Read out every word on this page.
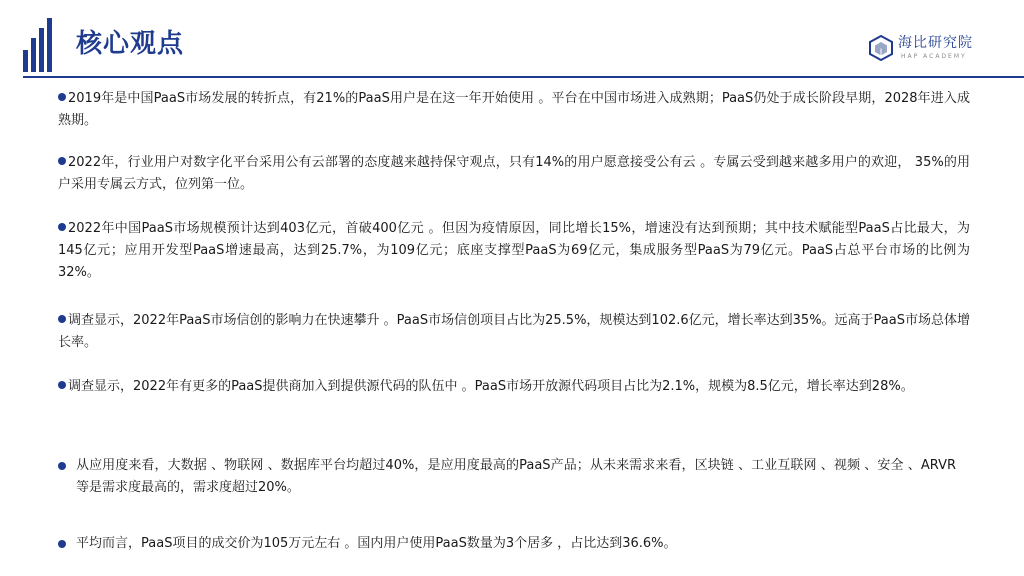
核心观点	海比研究院
HAP ACADEMY
2019年是中国PaaS市场发展的转折点，有21%的PaaS用户是在这一年开始使用 。平台在中国市场进入成熟期；PaaS仍处于成长阶段早期，2028年进入成熟期。
2022年，行业用户对数字化平台采用公有云部署的态度越来越持保守观点，只有14%的用户愿意接受公有云 。专属云受到越来越多用户的欢迎， 35%的用户采用专属云方式，位列第一位。
2022年中国PaaS市场规模预计达到403亿元，首破400亿元 。但因为疫情原因，同比增长15%，增速没有达到预期；其中技术赋能型PaaS占比最大，为145亿元；应用开发型PaaS增速最高，达到25.7%，为109亿元；底座支撑型PaaS为69亿元，集成服务型PaaS为79亿元。PaaS占总平台市场的比例为32%。
调查显示，2022年PaaS市场信创的影响力在快速攀升 。PaaS市场信创项目占比为25.5%，规模达到102.6亿元，增长率达到35%。远高于PaaS市场总体增长率。
调查显示，2022年有更多的PaaS提供商加入到提供源代码的队伍中 。PaaS市场开放源代码项目占比为2.1%，规模为8.5亿元，增长率达到28%。
从应用度来看，大数据 、物联网 、数据库平台均超过40%，是应用度最高的PaaS产品；从未来需求来看，区块链 、工业互联网 、视频 、安全 、ARVR等是需求度最高的，需求度超过20%。
平均而言，PaaS项目的成交价为105万元左右 。国内用户使用PaaS数量为3个居多 ，占比达到36.6%。
